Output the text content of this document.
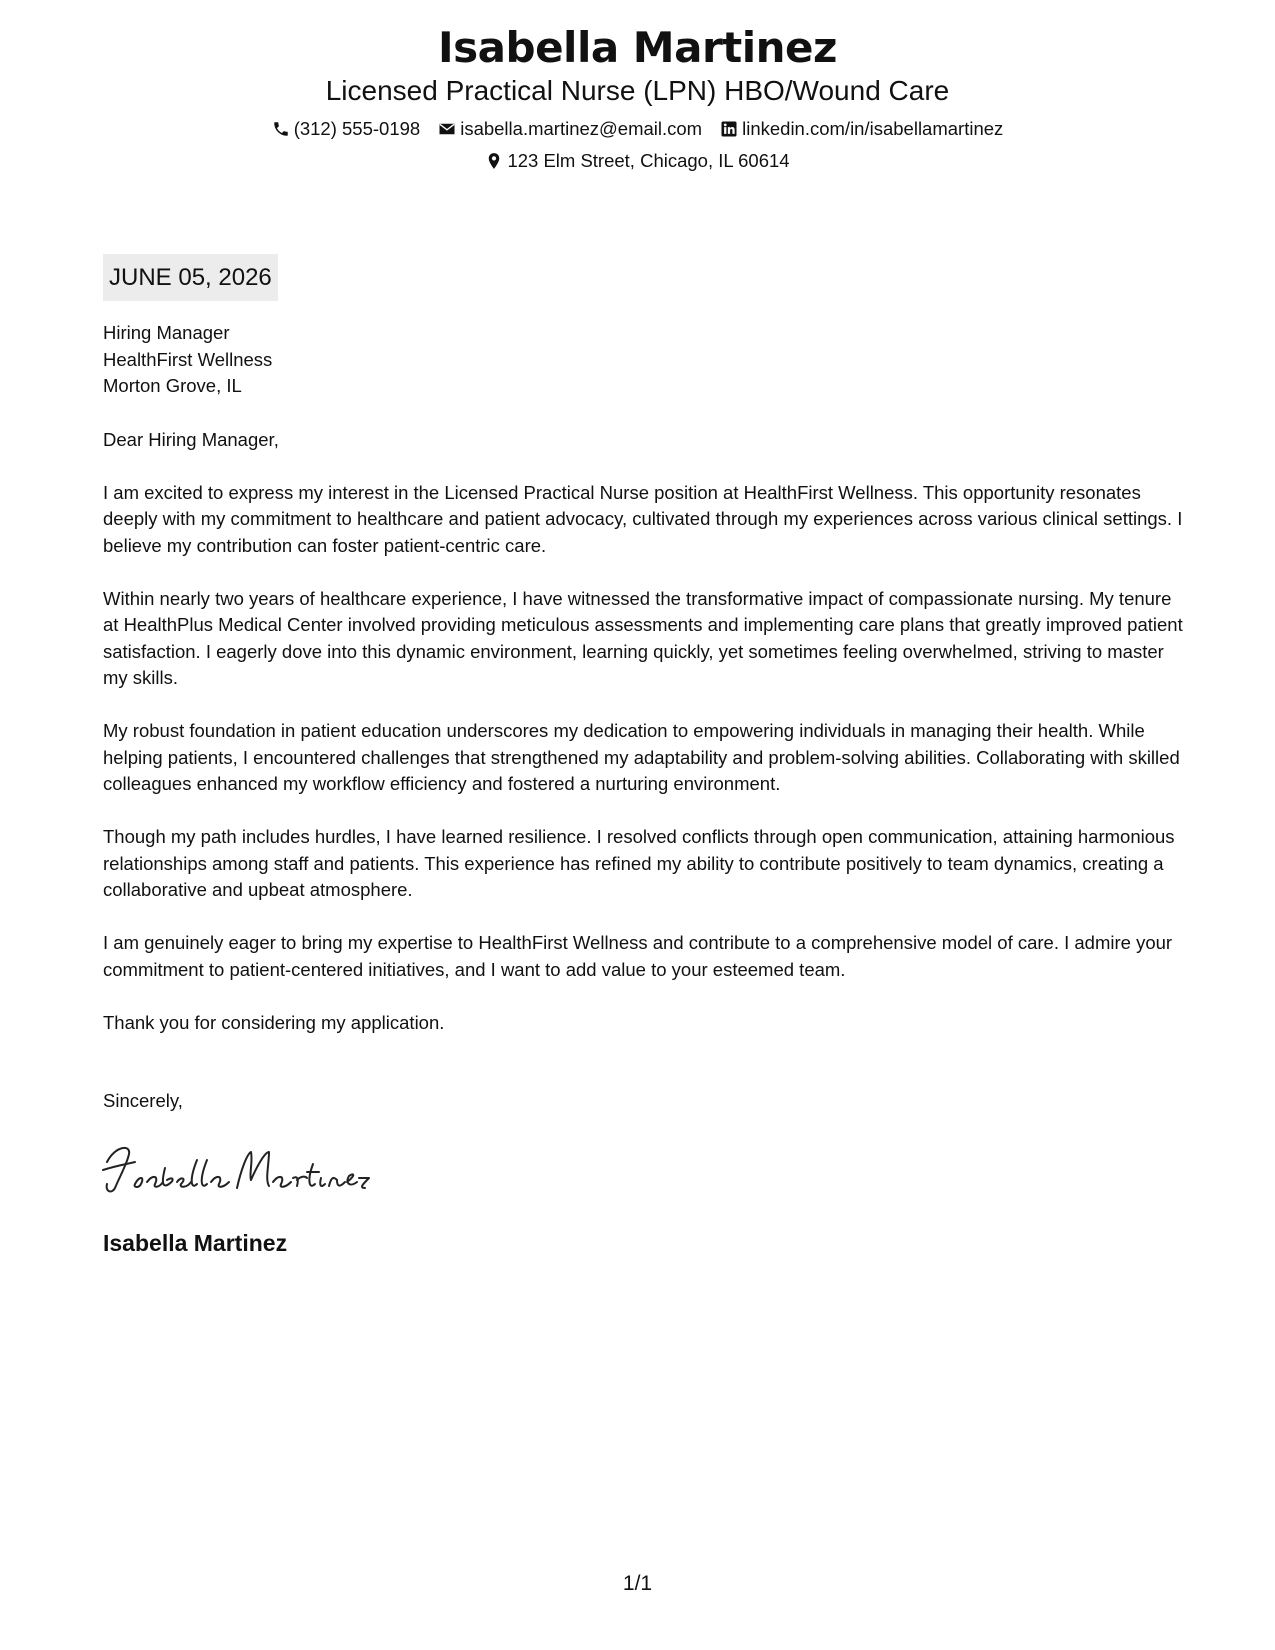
Isabella Martinez
Licensed Practical Nurse (LPN) HBO/Wound Care
(312) 555-0198 isabella.martinez@email.com linkedin.com/in/isabellamartinez
123 Elm Street, Chicago, IL 60614
JUNE 05, 2026
Hiring Manager
HealthFirst Wellness
Morton Grove, IL
Dear Hiring Manager,
I am excited to express my interest in the Licensed Practical Nurse position at HealthFirst Wellness. This opportunity resonates deeply with my commitment to healthcare and patient advocacy, cultivated through my experiences across various clinical settings. I believe my contribution can foster patient-centric care.
Within nearly two years of healthcare experience, I have witnessed the transformative impact of compassionate nursing. My tenure at HealthPlus Medical Center involved providing meticulous assessments and implementing care plans that greatly improved patient satisfaction. I eagerly dove into this dynamic environment, learning quickly, yet sometimes feeling overwhelmed, striving to master my skills.
My robust foundation in patient education underscores my dedication to empowering individuals in managing their health. While helping patients, I encountered challenges that strengthened my adaptability and problem-solving abilities. Collaborating with skilled colleagues enhanced my workflow efficiency and fostered a nurturing environment.
Though my path includes hurdles, I have learned resilience. I resolved conflicts through open communication, attaining harmonious relationships among staff and patients. This experience has refined my ability to contribute positively to team dynamics, creating a collaborative and upbeat atmosphere.
I am genuinely eager to bring my expertise to HealthFirst Wellness and contribute to a comprehensive model of care. I admire your commitment to patient-centered initiatives, and I want to add value to your esteemed team.
Thank you for considering my application.
Sincerely,
Isabella Martinez
1/1
